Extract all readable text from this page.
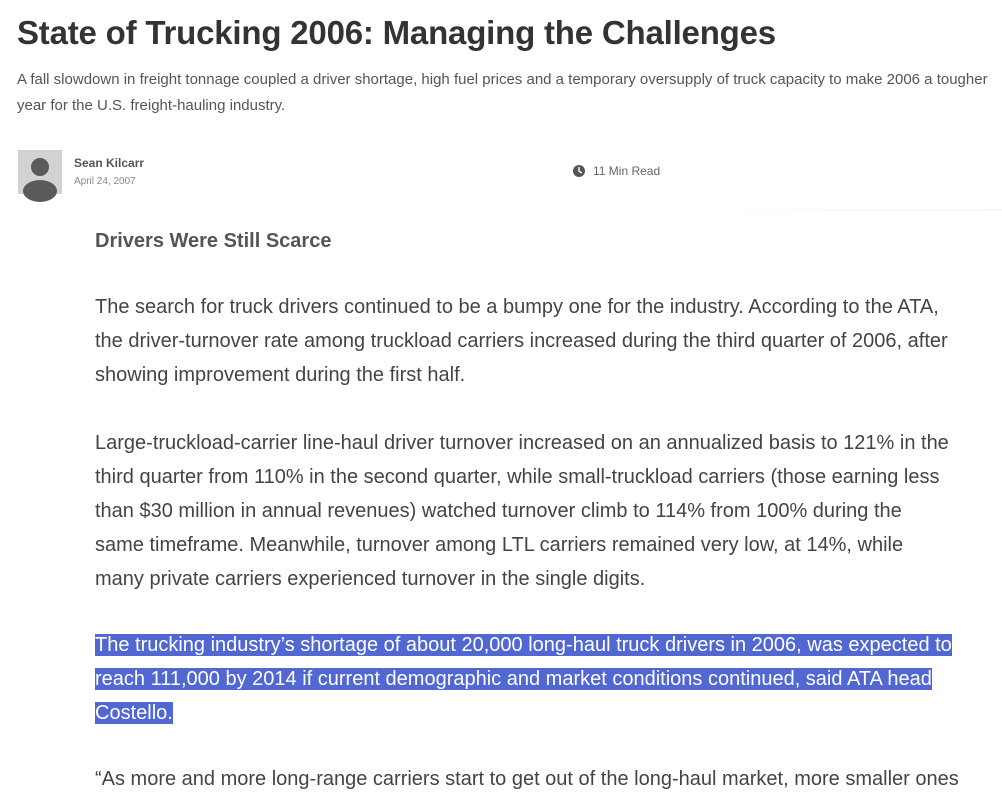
State of Trucking 2006: Managing the Challenges

A fall slowdown in freight tonnage coupled a driver shortage, high fuel prices and a temporary oversupply of truck capacity to make 2006 a tougher year for the U.S. freight-hauling industry.

Sean Kilcarr
April 24, 2007
11 Min Read
Drivers Were Still Scarce

The search for truck drivers continued to be a bumpy one for the industry. According to the ATA, the driver-turnover rate among truckload carriers increased during the third quarter of 2006, after showing improvement during the first half.

Large-truckload-carrier line-haul driver turnover increased on an annualized basis to 121% in the third quarter from 110% in the second quarter, while small-truckload carriers (those earning less than $30 million in annual revenues) watched turnover climb to 114% from 100% during the same timeframe. Meanwhile, turnover among LTL carriers remained very low, at 14%, while many private carriers experienced turnover in the single digits.

The trucking industry’s shortage of about 20,000 long-haul truck drivers in 2006, was expected to reach 111,000 by 2014 if current demographic and market conditions continued, said ATA head Costello.

“As more and more long-range carriers start to get out of the long-haul market, more smaller ones
